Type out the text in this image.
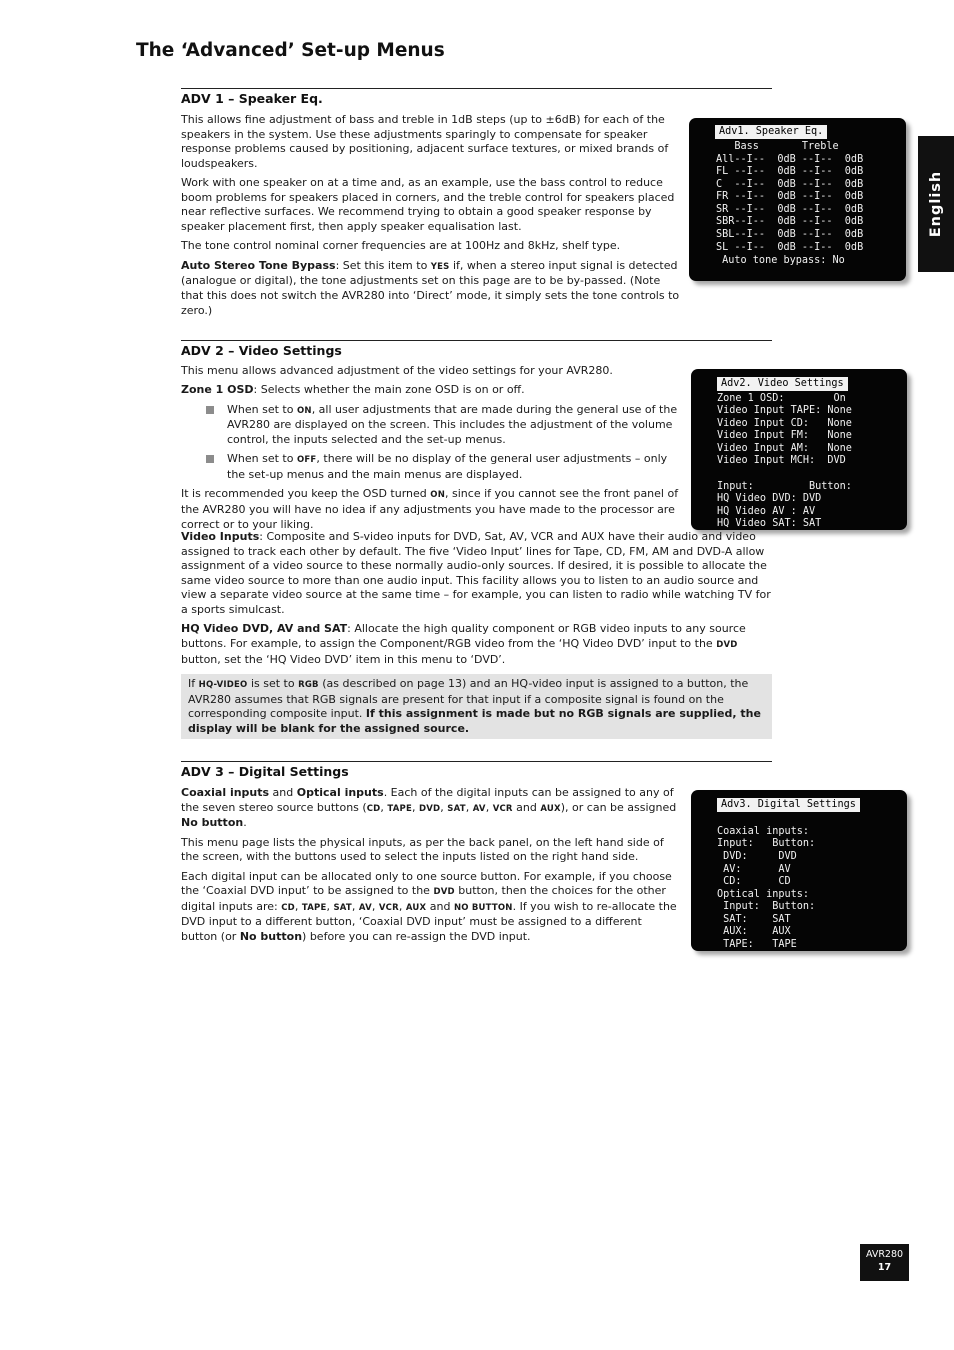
The ‘Advanced’ Set-up Menus
English
ADV 1 – Speaker Eq.

This allows fine adjustment of bass and treble in 1dB steps (up to ±6dB) for each of the speakers in the system. Use these adjustments sparingly to compensate for speaker response problems caused by positioning, adjacent surface textures, or mixed brands of loudspeakers.

Work with one speaker on at a time and, as an example, use the bass control to reduce boom problems for speakers placed in corners, and the treble control for speakers placed near reflective surfaces. We recommend trying to obtain a good speaker response by speaker placement first, then apply speaker equalisation last.

The tone control nominal corner frequencies are at 100Hz and 8kHz, shelf type.

Auto Stereo Tone Bypass: Set this item to YES if, when a stereo input signal is detected (analogue or digital), the tone adjustments set on this page are to be by-passed. (Note that this does not switch the AVR280 into ‘Direct’ mode, it simply sets the tone controls to zero.)

Adv1. Speaker Eq.
Bass       Treble
All--I--  0dB --I--  0dB
FL --I--  0dB --I--  0dB
C  --I--  0dB --I--  0dB
FR --I--  0dB --I--  0dB
SR --I--  0dB --I--  0dB
SBR--I--  0dB --I--  0dB
SBL--I--  0dB --I--  0dB
SL --I--  0dB --I--  0dB
Auto tone bypass: No
ADV 2 – Video Settings

This menu allows advanced adjustment of the video settings for your AVR280.

Zone 1 OSD: Selects whether the main zone OSD is on or off.

When set to ON, all user adjustments that are made during the general use of the AVR280 are displayed on the screen. This includes the adjustment of the volume control, the inputs selected and the set-up menus.
When set to OFF, there will be no display of the general user adjustments – only the set-up menus and the main menus are displayed.

It is recommended you keep the OSD turned ON, since if you cannot see the front panel of the AVR280 you will have no idea if any adjustments you have made to the processor are correct or to your liking.

Video Inputs: Composite and S-video inputs for DVD, Sat, AV, VCR and AUX have their audio and video assigned to track each other by default. The five ‘Video Input’ lines for Tape, CD, FM, AM and DVD-A allow assignment of a video source to these normally audio-only sources. If desired, it is possible to allocate the same video source to more than one audio input. This facility allows you to listen to an audio source and view a separate video source at the same time – for example, you can listen to radio while watching TV for a sports simulcast.

HQ Video DVD, AV and SAT: Allocate the high quality component or RGB video inputs to any source buttons. For example, to assign the Component/RGB video from the ‘HQ Video DVD’ input to the DVD button, set the ‘HQ Video DVD’ item in this menu to ‘DVD’.

Adv2. Video Settings
Zone 1 OSD:        On
Video Input TAPE: None
Video Input CD:   None
Video Input FM:   None
Video Input AM:   None
Video Input MCH:  DVD
Input:         Button:
HQ Video DVD: DVD
HQ Video AV : AV
HQ Video SAT: SAT

If HQ-VIDEO is set to RGB (as described on page 13) and an HQ-video input is assigned to a button, the AVR280 assumes that RGB signals are present for that input if a composite signal is found on the corresponding composite input. If this assignment is made but no RGB signals are supplied, the display will be blank for the assigned source.

ADV 3 – Digital Settings

Coaxial inputs and Optical inputs. Each of the digital inputs can be assigned to any of the seven stereo source buttons (CD, TAPE, DVD, SAT, AV, VCR and AUX), or can be assigned No button.

This menu page lists the physical inputs, as per the back panel, on the left hand side of the screen, with the buttons used to select the inputs listed on the right hand side.

Each digital input can be allocated only to one source button. For example, if you choose the ‘Coaxial DVD input’ to be assigned to the DVD button, then the choices for the other digital inputs are: CD, TAPE, SAT, AV, VCR, AUX and NO BUTTON. If you wish to re-allocate the DVD input to a different button, ‘Coaxial DVD input’ must be assigned to a different button (or No button) before you can re-assign the DVD input.

Adv3. Digital Settings
Coaxial inputs:
Input:   Button:
DVD:     DVD
AV:      AV
CD:      CD
Optical inputs:
Input:  Button:
SAT:    SAT
AUX:    AUX
TAPE:   TAPE
AVR280
17
